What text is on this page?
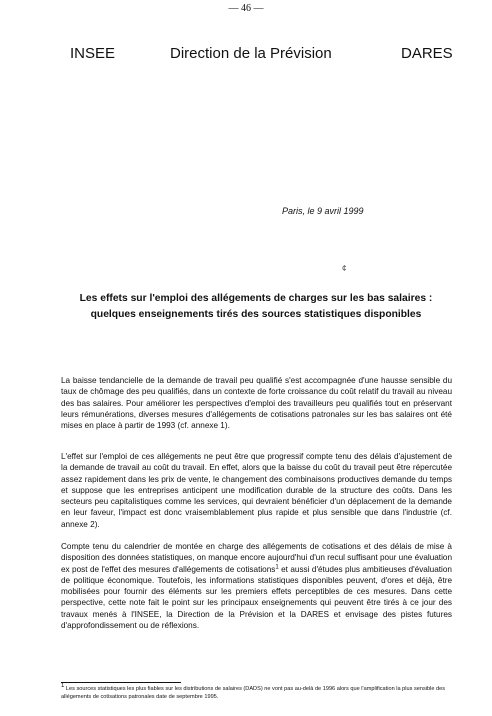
— 46 —
INSEE	Direction de la Prévision	DARES
Paris, le 9 avril 1999
¢
Les effets sur l'emploi des allégements de charges sur les bas salaires :
quelques enseignements tirés des sources statistiques disponibles

La baisse tendancielle de la demande de travail peu qualifié s'est accompagnée d'une hausse sensible du taux de chômage des peu qualifiés, dans un contexte de forte croissance du coût relatif du travail au niveau des bas salaires. Pour améliorer les perspectives d'emploi des travailleurs peu qualifiés tout en préservant leurs rémunérations, diverses mesures d'allégements de cotisations patronales sur les bas salaires ont été mises en place à partir de 1993 (cf. annexe 1).

L'effet sur l'emploi de ces allégements ne peut être que progressif compte tenu des délais d'ajustement de la demande de travail au coût du travail. En effet, alors que la baisse du coût du travail peut être répercutée assez rapidement dans les prix de vente, le changement des combinaisons productives demande du temps et suppose que les entreprises anticipent une modification durable de la structure des coûts. Dans les secteurs peu capitalistiques comme les services, qui devraient bénéficier d'un déplacement de la demande en leur faveur, l'impact est donc vraisemblablement plus rapide et plus sensible que dans l'industrie (cf. annexe 2).

Compte tenu du calendrier de montée en charge des allégements de cotisations et des délais de mise à disposition des données statistiques, on manque encore aujourd'hui d'un recul suffisant pour une évaluation ex post de l'effet des mesures d'allégements de cotisations$^1$ et aussi d'études plus ambitieuses d'évaluation de politique économique. Toutefois, les informations statistiques disponibles peuvent, d'ores et déjà, être mobilisées pour fournir des éléments sur les premiers effets perceptibles de ces mesures. Dans cette perspective, cette note fait le point sur les principaux enseignements qui peuvent être tirés à ce jour des travaux menés à l'INSEE, la Direction de la Prévision et la DARES et envisage des pistes futures d'approfondissement ou de réflexions.

1 Les sources statistiques les plus fiables sur les distributions de salaires (DADS) ne vont pas au-delà de 1996 alors que l'amplification la plus sensible des allégements de cotisations patronales date de septembre 1995.
